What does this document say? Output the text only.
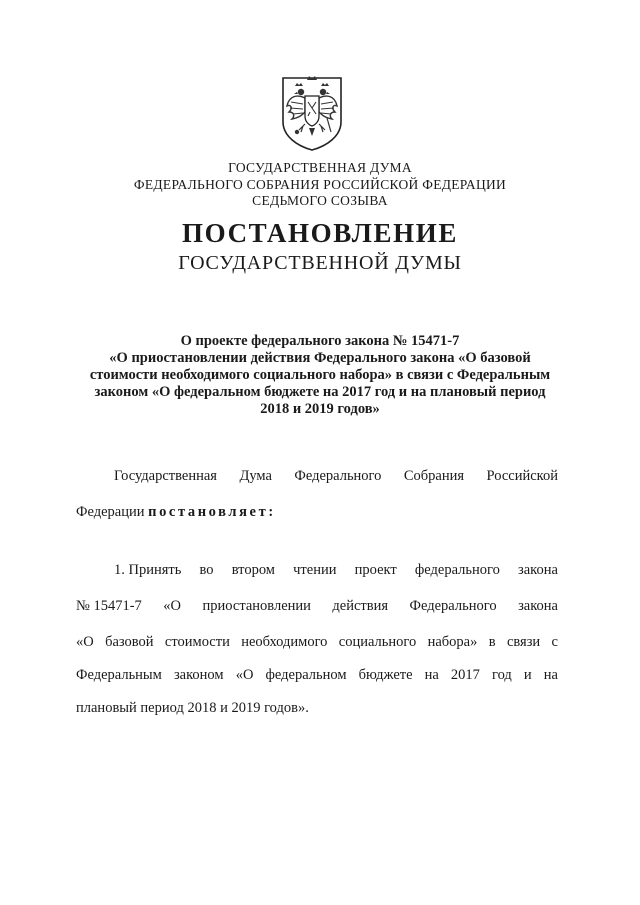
ГОСУДАРСТВЕННАЯ ДУМА
ФЕДЕРАЛЬНОГО СОБРАНИЯ РОССИЙСКОЙ ФЕДЕРАЦИИ
СЕДЬМОГО СОЗЫВА
ПОСТАНОВЛЕНИЕ
ГОСУДАРСТВЕННОЙ ДУМЫ
О проекте федерального закона № 15471-7
«О приостановлении действия Федерального закона «О базовой
стоимости необходимого социального набора» в связи с Федеральным
законом «О федеральном бюджете на 2017 год и на плановый период
2018 и 2019 годов»
Государственная Дума Федерального Собрания Российской
Федерации постановляет:
1. Принять во втором чтении проект федерального закона
№ 15471-7 «О приостановлении действия Федерального закона
«О базовой стоимости необходимого социального набора» в связи с
Федеральным законом «О федеральном бюджете на 2017 год и на
плановый период 2018 и 2019 годов».
